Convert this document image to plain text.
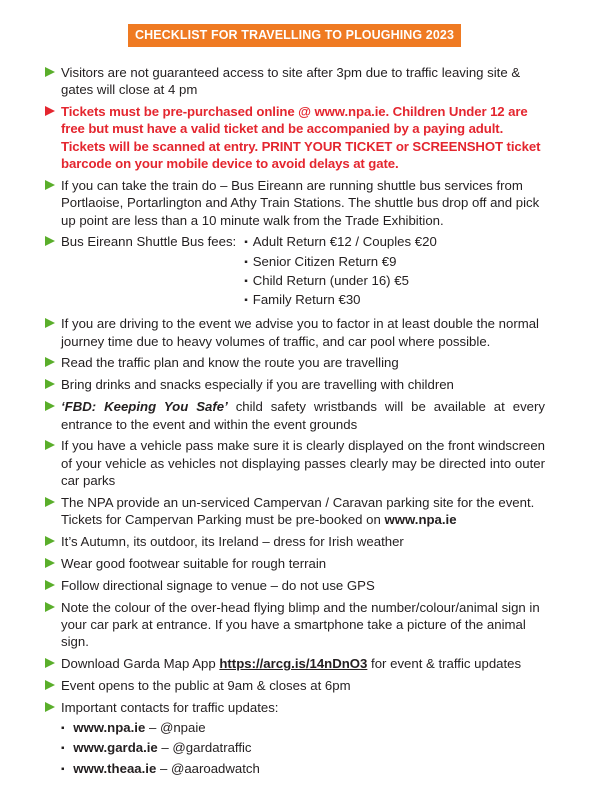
CHECKLIST FOR TRAVELLING TO PLOUGHING 2023
Visitors are not guaranteed access to site after 3pm due to traffic leaving site & gates will close at 4 pm
Tickets must be pre-purchased online @ www.npa.ie. Children Under 12 are free but must have a valid ticket and be accompanied by a paying adult. Tickets will be scanned at entry. PRINT YOUR TICKET or SCREENSHOT ticket barcode on your mobile device to avoid delays at gate.
If you can take the train do – Bus Eireann are running shuttle bus services from Portlaoise, Portarlington and Athy Train Stations. The shuttle bus drop off and pick up point are less than a 10 minute walk from the Trade Exhibition.
Bus Eireann Shuttle Bus fees:
▪	Adult Return €12 / Couples €20
▪ Senior Citizen Return €9
▪ Child Return (under 16) €5
▪ Family Return €30
If you are driving to the event we advise you to factor in at least double the normal journey time due to heavy volumes of traffic, and car pool where possible.
Read the traffic plan and know the route you are travelling
Bring drinks and snacks especially if you are travelling with children
‘FBD: Keeping You Safe’ child safety wristbands will be available at every entrance to the event and within the event grounds
If you have a vehicle pass make sure it is clearly displayed on the front windscreen of your vehicle as vehicles not displaying passes clearly may be directed into outer car parks
The NPA provide an un-serviced Campervan / Caravan parking site for the event. Tickets for Campervan Parking must be pre-booked on www.npa.ie
It’s Autumn, its outdoor, its Ireland – dress for Irish weather
Wear good footwear suitable for rough terrain
Follow directional signage to venue – do not use GPS
Note the colour of the over-head flying blimp and the number/colour/animal sign in your car park at entrance. If you have a smartphone take a picture of the animal sign.
Download Garda Map App https://arcg.is/14nDnO3 for event & traffic updates
Event opens to the public at 9am & closes at 6pm
Important contacts for traffic updates:
▪ www.npa.ie – @npaie
▪ www.garda.ie – @gardatraffic
▪ www.theaa.ie – @aaroadwatch
